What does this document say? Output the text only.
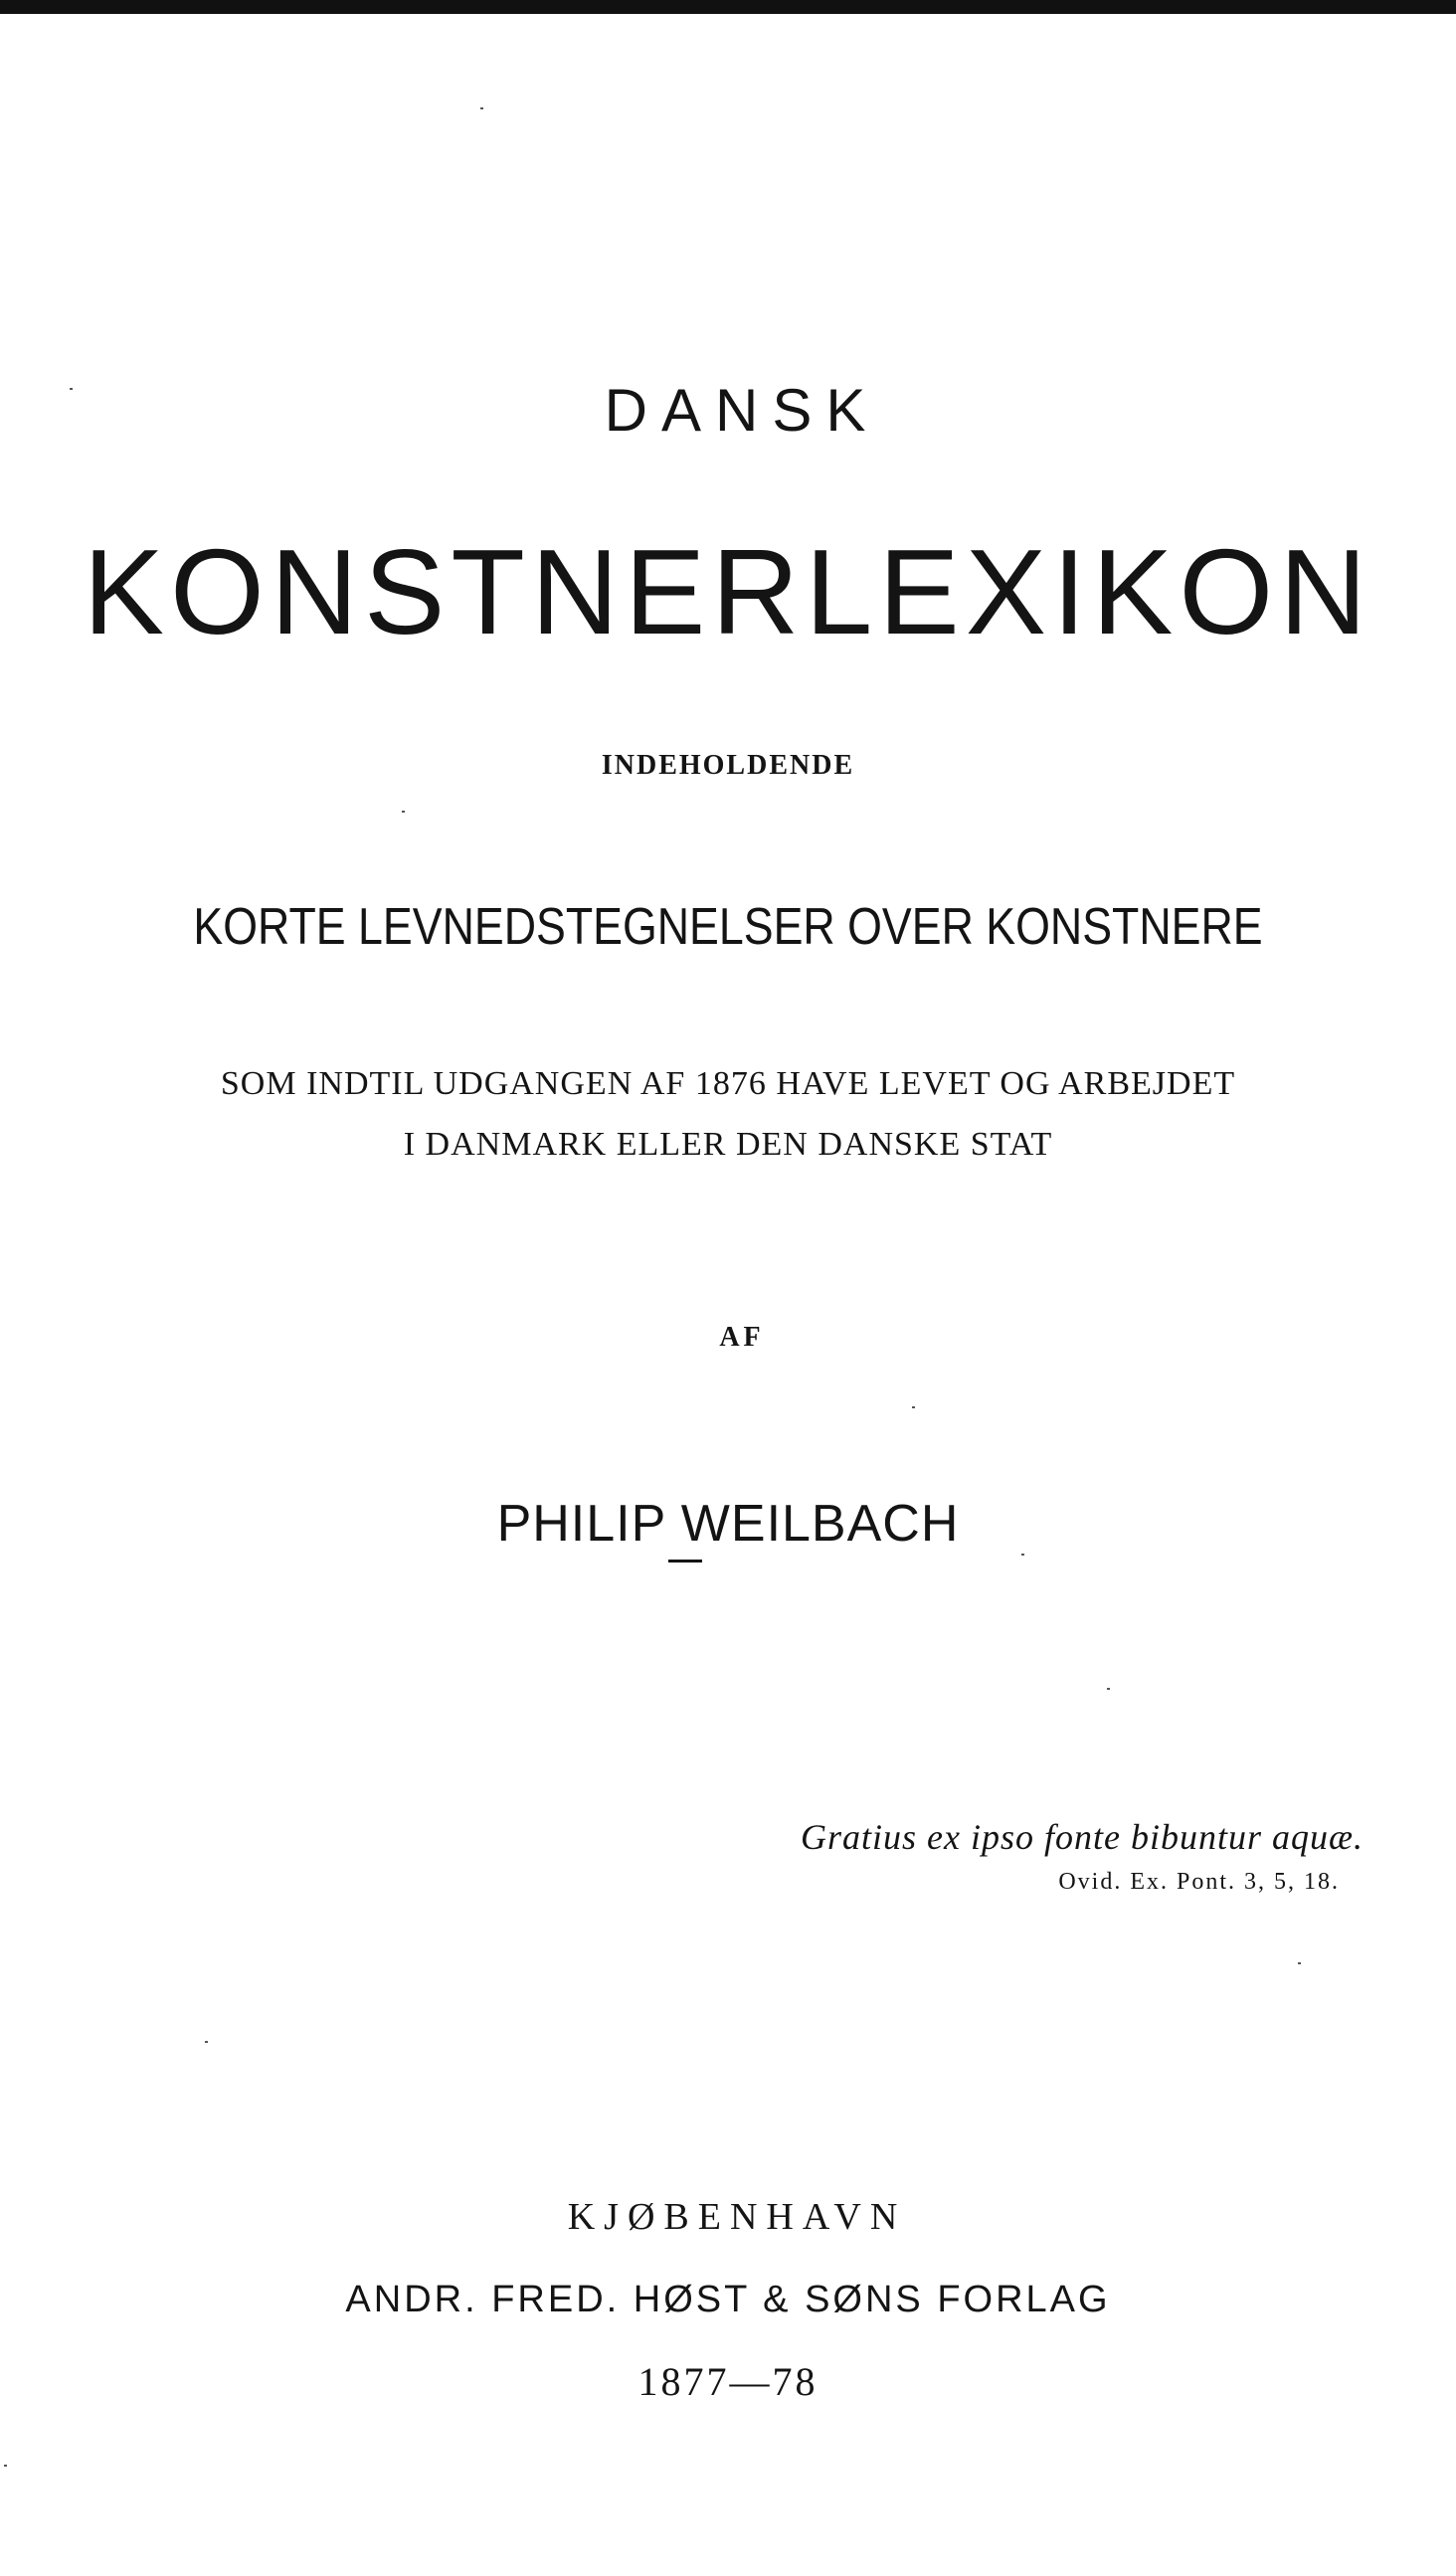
DANSK
KONSTNERLEXIKON
INDEHOLDENDE
KORTE LEVNEDSTEGNELSER OVER KONSTNERE
SOM INDTIL UDGANGEN AF 1876 HAVE LEVET OG ARBEJDET
I DANMARK ELLER DEN DANSKE STAT
AF
PHILIP WEILBACH
Gratius ex ipso fonte bibuntur aquæ.
Ovid. Ex. Pont. 3, 5, 18.
KJØBENHAVN
ANDR. FRED. HØST & SØNS FORLAG
1877—78
